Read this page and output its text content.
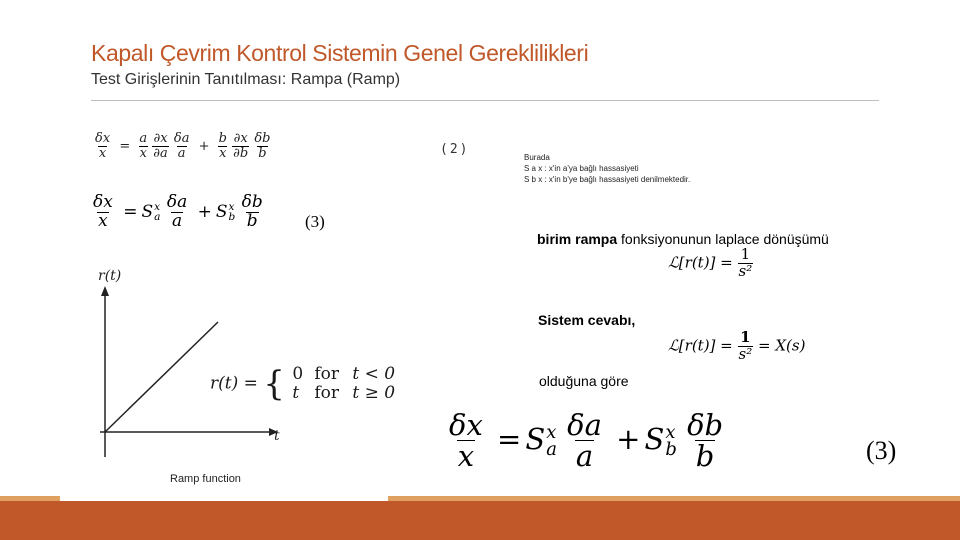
Kapalı Çevrim Kontrol Sistemin Genel Gereklilikleri
Test Girişlerinin Tanıtılması: Rampa (Ramp)
$\frac{\delta x}{x} = \frac{a}{x}$
$\frac{\partial x}{\partial a}$
$\frac{\delta a}{a} + \frac{b}{x}$
$\frac{\partial x}{\partial b}$
$\frac{\delta b}{b}$	(2)
$\frac{\delta x}{x} = S$ x
a
$\frac{\delta a}{a} + S$ x
b
$\frac{\delta b}{b} (3)$
Burada
S a x : x'in a'ya bağlı hassasiyeti
S b x : x'in b'ye bağlı hassasiyeti denilmektedir.
birim rampa fonksiyonunun laplace dönüşümü
ℒ[r(t)] = $\frac{1}{\text{s²}}$
Sistem cevabı,
ℒ[r(t)] = $\frac{1}{\text{s²}} = X(s)$
olduğuna göre
$\frac{\delta x}{x} = S$ x
a
$\frac{\delta a}{a} + S$ x
b
$\frac{\delta b}{b}$	(3)
r(t)
t
r(t) = { 0 for t < 0
t for t ≥ 0
Ramp function
